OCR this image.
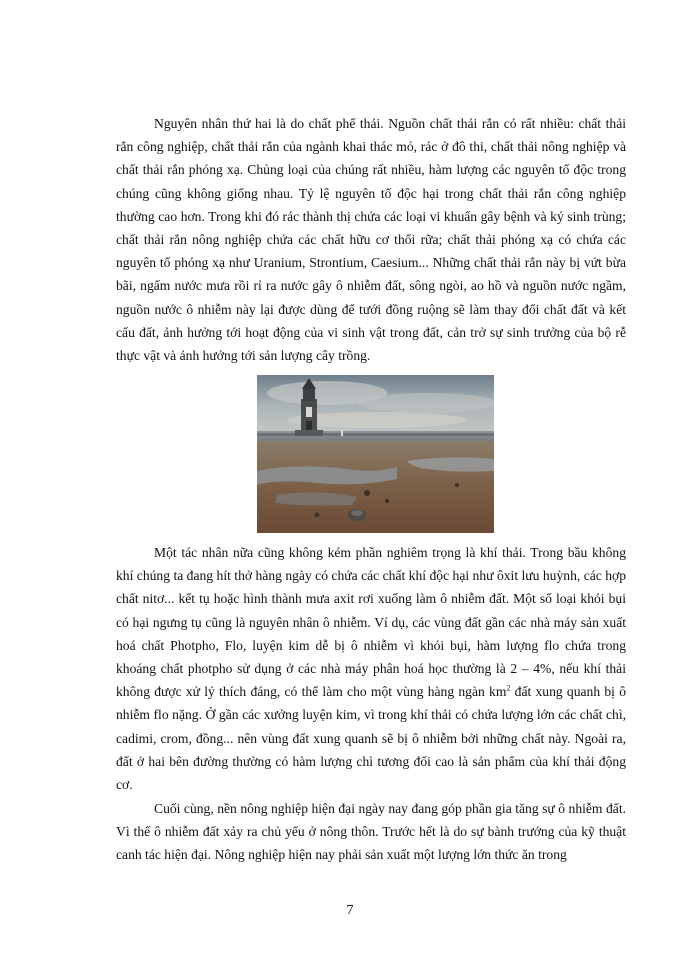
Nguyên nhân thứ hai là do chất phế thải. Nguồn chất thải rắn có rất nhiều: chất thải rắn công nghiệp, chất thải rắn của ngành khai thác mỏ, rác ở đô thi, chất thải nông nghiệp và chất thải rắn phóng xạ. Chủng loại của chúng rất nhiều, hàm lượng các nguyên tố độc trong chúng cũng không giống nhau. Tỷ lệ nguyên tố độc hại trong chất thải rắn công nghiệp thường cao hơn. Trong khi đó rác thành thị chứa các loại vi khuẩn gây bệnh và ký sinh trùng; chất thải rắn nông nghiệp chứa các chất hữu cơ thối rữa; chất thải phóng xạ có chứa các nguyên tố phóng xạ như Uranium, Strontium, Caesium... Những chất thải rắn này bị vứt bừa bãi, ngấm nước mưa rồi rỉ ra nước gây ô nhiễm đất, sông ngòi, ao hồ và nguồn nước ngầm, nguồn nước ô nhiễm này lại được dùng để tưới đồng ruộng sẽ làm thay đổi chất đất và kết cấu đất, ảnh hưởng tới hoạt động của vi sinh vật trong đất, cản trở sự sinh trưởng của bộ rễ thực vật và ảnh hưởng tới sản lượng cây trồng.

Một tác nhân nữa cũng không kém phần nghiêm trọng là khí thải. Trong bầu không khí chúng ta đang hít thở hàng ngày có chứa các chất khí độc hại như ôxit lưu huỳnh, các hợp chất nitơ... kết tụ hoặc hình thành mưa axit rơi xuống làm ô nhiễm đất. Một số loại khói bụi có hại ngưng tụ cũng là nguyên nhân ô nhiễm. Ví dụ, các vùng đất gần các nhà máy sản xuất hoá chất Photpho, Flo, luyện kim dễ bị ô nhiễm vì khói bụi, hàm lượng flo chứa trong khoáng chất photpho sử dụng ở các nhà máy phân hoá học thường là 2 – 4%, nếu khí thải không được xử lý thích đáng, có thể làm cho một vùng hàng ngàn $km^2$ đất xung quanh bị ô nhiễm flo nặng. Ở gần các xưởng luyện kim, vì trong khí thải có chứa lượng lớn các chất chì, cadimi, crom, đồng... nên vùng đất xung quanh sẽ bị ô nhiễm bởi những chất này. Ngoài ra, đất ở hai bên đường thường có hàm lượng chì tương đối cao là sản phẩm của khí thải động cơ.

Cuối cùng, nền nông nghiệp hiện đại ngày nay đang góp phần gia tăng sự ô nhiễm đất. Vì thế ô nhiễm đất xảy ra chủ yếu ở nông thôn. Trước hết là do sự bành trướng của kỹ thuật canh tác hiện đại. Nông nghiệp hiện nay phải sản xuất một lượng lớn thức ăn trong

7
